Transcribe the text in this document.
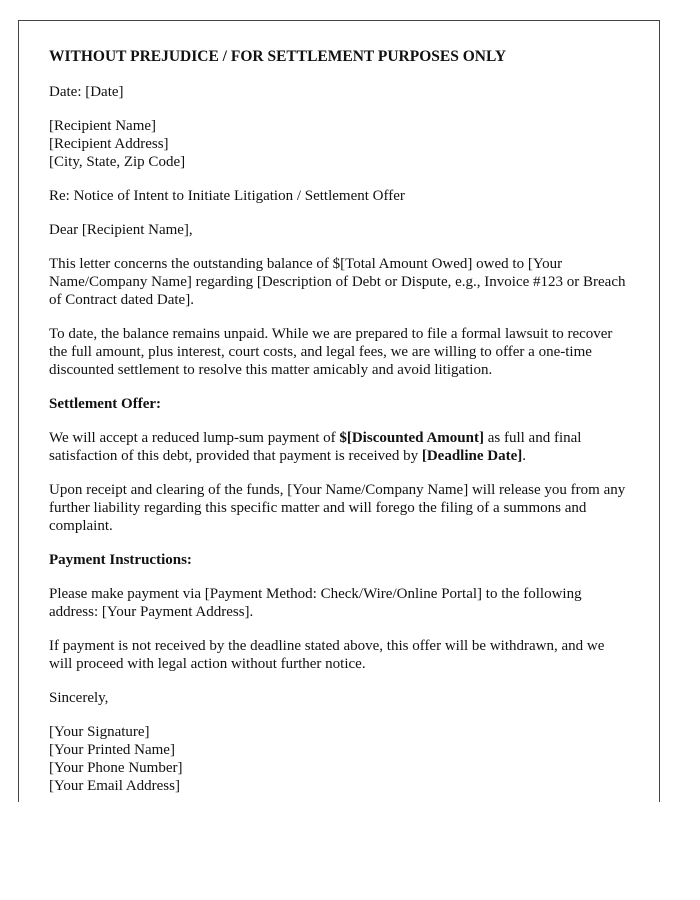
WITHOUT PREJUDICE / FOR SETTLEMENT PURPOSES ONLY

Date: [Date]

[Recipient Name]
[Recipient Address]
[City, State, Zip Code]

Re: Notice of Intent to Initiate Litigation / Settlement Offer

Dear [Recipient Name],

This letter concerns the outstanding balance of $[Total Amount Owed] owed to [Your Name/Company Name] regarding [Description of Debt or Dispute, e.g., Invoice #123 or Breach of Contract dated Date].

To date, the balance remains unpaid. While we are prepared to file a formal lawsuit to recover the full amount, plus interest, court costs, and legal fees, we are willing to offer a one-time discounted settlement to resolve this matter amicably and avoid litigation.

Settlement Offer:

We will accept a reduced lump-sum payment of $[Discounted Amount] as full and final satisfaction of this debt, provided that payment is received by [Deadline Date].

Upon receipt and clearing of the funds, [Your Name/Company Name] will release you from any further liability regarding this specific matter and will forego the filing of a summons and complaint.

Payment Instructions:

Please make payment via [Payment Method: Check/Wire/Online Portal] to the following address: [Your Payment Address].

If payment is not received by the deadline stated above, this offer will be withdrawn, and we will proceed with legal action without further notice.

Sincerely,

[Your Signature]
[Your Printed Name]
[Your Phone Number]
[Your Email Address]
